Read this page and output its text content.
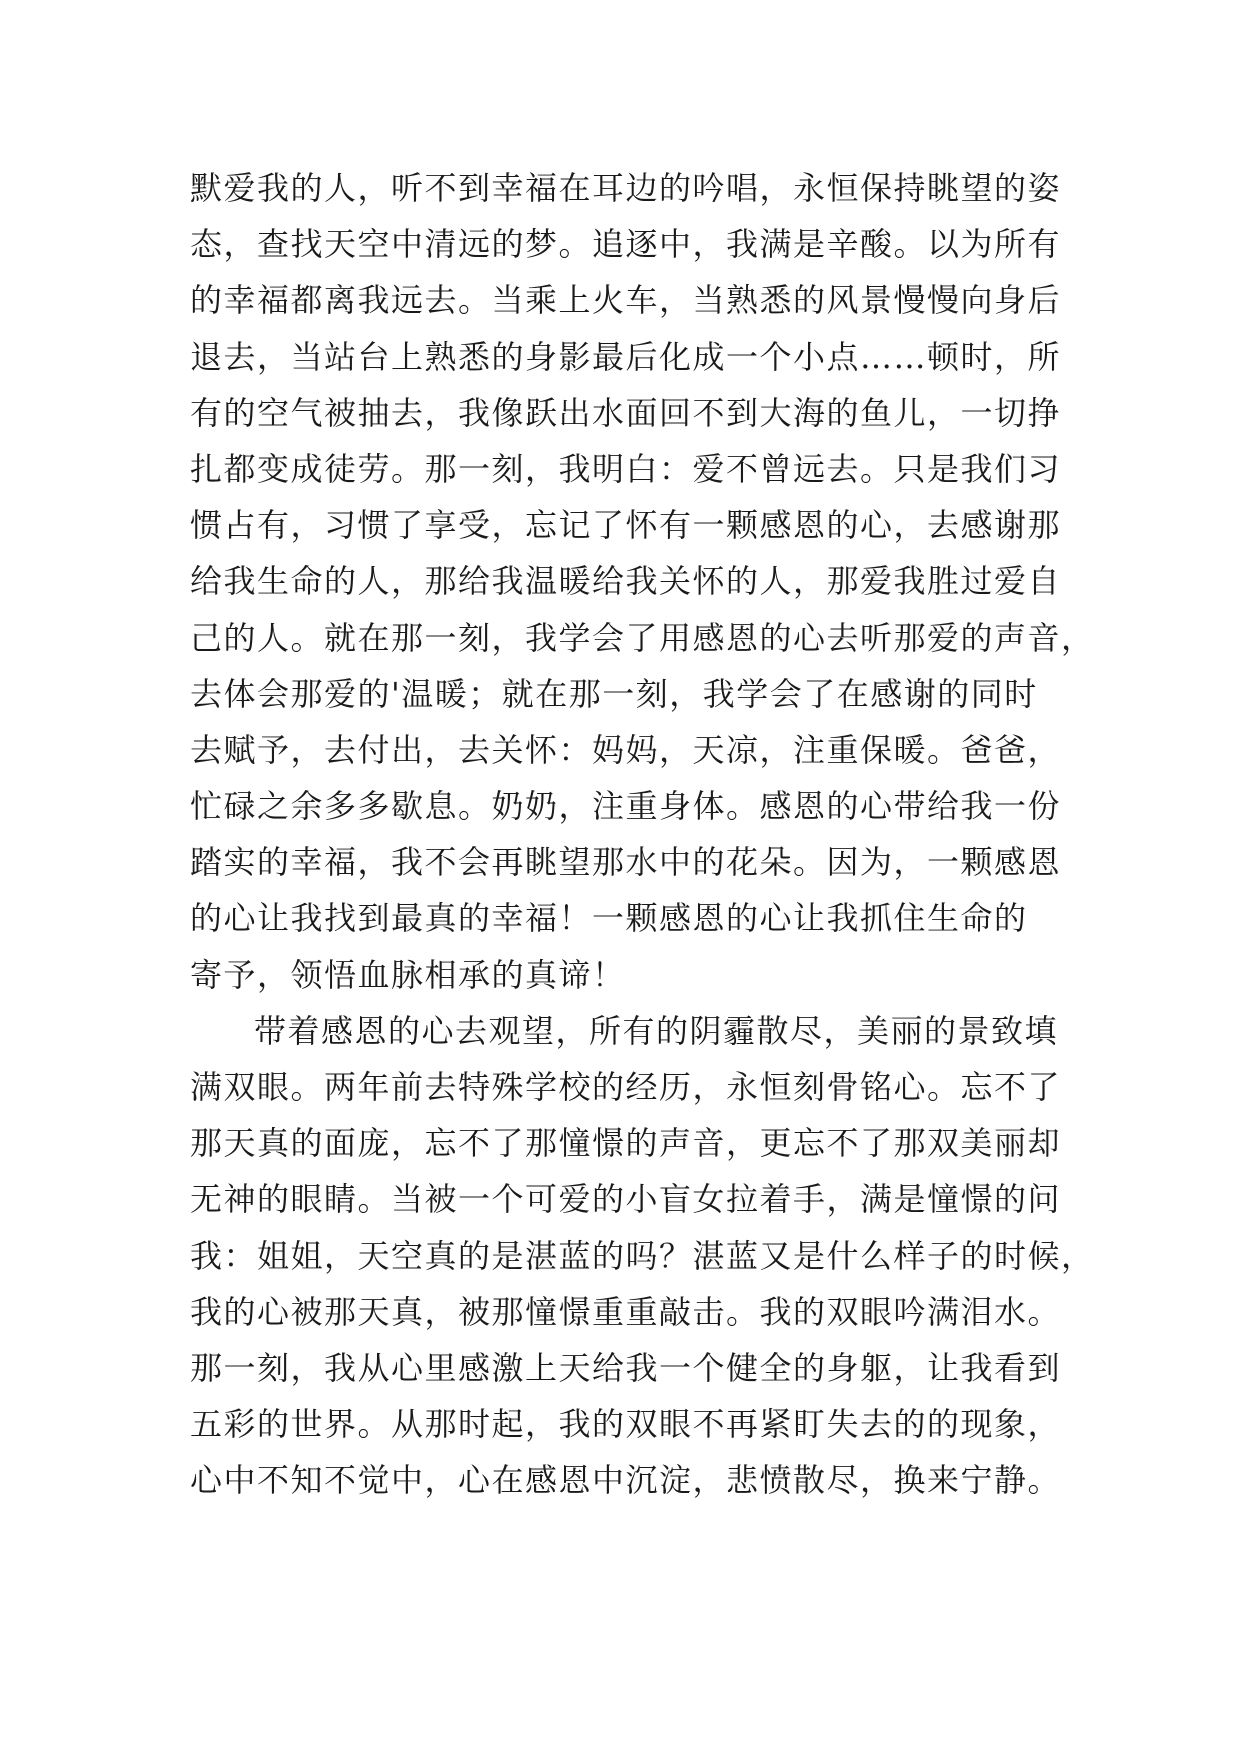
默爱我的人，听不到幸福在耳边的吟唱，永恒保持眺望的姿
态，查找天空中清远的梦。追逐中，我满是辛酸。以为所有
的幸福都离我远去。当乘上火车，当熟悉的风景慢慢向身后
退去，当站台上熟悉的身影最后化成一个小点……顿时，所
有的空气被抽去，我像跃出水面回不到大海的鱼儿，一切挣
扎都变成徒劳。那一刻，我明白：爱不曾远去。只是我们习
惯占有，习惯了享受，忘记了怀有一颗感恩的心，去感谢那
给我生命的人，那给我温暖给我关怀的人，那爱我胜过爱自
己的人。就在那一刻，我学会了用感恩的心去听那爱的声音，
去体会那爱的'温暖；就在那一刻，我学会了在感谢的同时
去赋予，去付出，去关怀：妈妈，天凉，注重保暖。爸爸，
忙碌之余多多歇息。奶奶，注重身体。感恩的心带给我一份
踏实的幸福，我不会再眺望那水中的花朵。因为，一颗感恩
的心让我找到最真的幸福！一颗感恩的心让我抓住生命的
寄予，领悟血脉相承的真谛！
带着感恩的心去观望，所有的阴霾散尽，美丽的景致填
满双眼。两年前去特殊学校的经历，永恒刻骨铭心。忘不了
那天真的面庞，忘不了那憧憬的声音，更忘不了那双美丽却
无神的眼睛。当被一个可爱的小盲女拉着手，满是憧憬的问
我：姐姐，天空真的是湛蓝的吗？湛蓝又是什么样子的时候，
我的心被那天真，被那憧憬重重敲击。我的双眼吟满泪水。
那一刻，我从心里感激上天给我一个健全的身躯，让我看到
五彩的世界。从那时起，我的双眼不再紧盯失去的的现象，
心中不知不觉中，心在感恩中沉淀，悲愤散尽，换来宁静。
